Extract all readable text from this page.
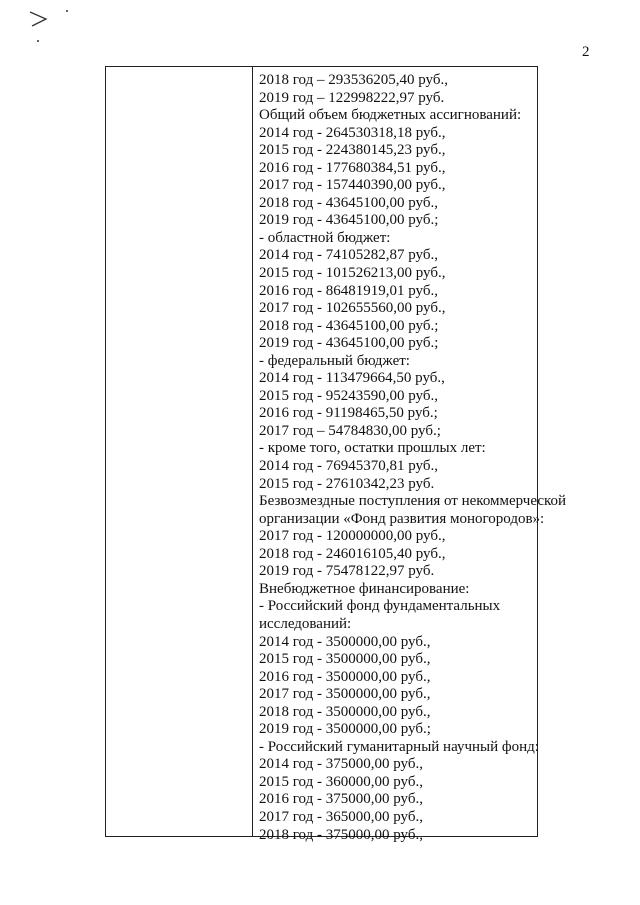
2
2018 год – 293536205,40 руб.,
2019 год – 122998222,97 руб.
Общий объем бюджетных ассигнований:
2014 год - 264530318,18 руб.,
2015 год - 224380145,23 руб.,
2016 год - 177680384,51 руб.,
2017 год - 157440390,00 руб.,
2018 год - 43645100,00 руб.,
2019 год - 43645100,00 руб.;
- областной бюджет:
2014 год - 74105282,87 руб.,
2015 год - 101526213,00 руб.,
2016 год - 86481919,01 руб.,
2017 год - 102655560,00 руб.,
2018 год - 43645100,00 руб.;
2019 год - 43645100,00 руб.;
- федеральный бюджет:
2014 год - 113479664,50 руб.,
2015 год - 95243590,00 руб.,
2016 год - 91198465,50 руб.;
2017 год – 54784830,00 руб.;
- кроме того, остатки прошлых лет:
2014 год - 76945370,81 руб.,
2015 год - 27610342,23 руб.
Безвозмездные поступления от некоммерческой
организации «Фонд развития моногородов»:
2017 год - 120000000,00 руб.,
2018 год - 246016105,40 руб.,
2019 год - 75478122,97 руб.
Внебюджетное финансирование:
- Российский фонд фундаментальных
исследований:
2014 год - 3500000,00 руб.,
2015 год - 3500000,00 руб.,
2016 год - 3500000,00 руб.,
2017 год - 3500000,00 руб.,
2018 год - 3500000,00 руб.,
2019 год - 3500000,00 руб.;
- Российский гуманитарный научный фонд:
2014 год - 375000,00 руб.,
2015 год - 360000,00 руб.,
2016 год - 375000,00 руб.,
2017 год - 365000,00 руб.,
2018 год - 375000,00 руб.,
